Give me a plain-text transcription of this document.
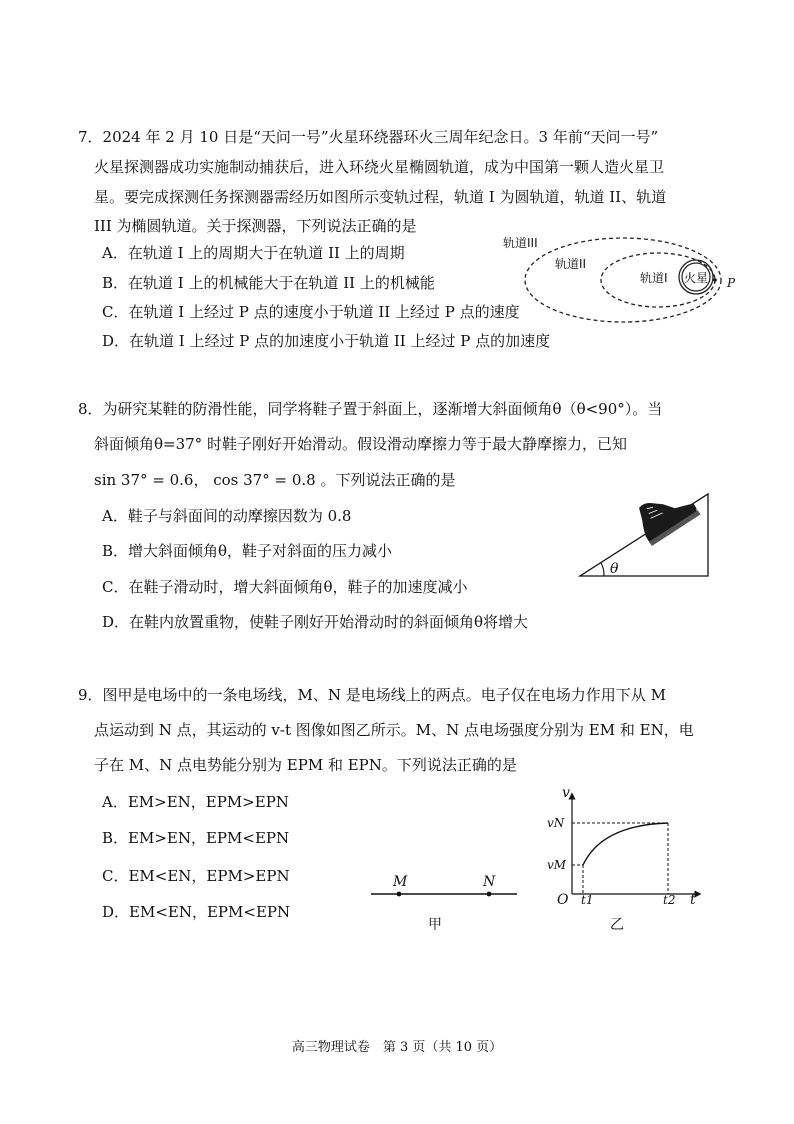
7．2024 年 2 月 10 日是“天问一号”火星环绕器环火三周年纪念日。3 年前“天问一号”
火星探测器成功实施制动捕获后，进入环绕火星椭圆轨道，成为中国第一颗人造火星卫
星。要完成探测任务探测器需经历如图所示变轨过程，轨道 I 为圆轨道，轨道 II、轨道
III 为椭圆轨道。关于探测器，下列说法正确的是
A．在轨道 I 上的周期大于在轨道 II 上的周期
B．在轨道 I 上的机械能大于在轨道 II 上的机械能
C．在轨道 I 上经过 P 点的速度小于轨道 II 上经过 P 点的速度
D．在轨道 I 上经过 P 点的加速度小于轨道 II 上经过 P 点的加速度
轨道III
轨道II
轨道I 火星 P
8．为研究某鞋的防滑性能，同学将鞋子置于斜面上，逐渐增大斜面倾角θ（θ<90°）。当
斜面倾角θ=37° 时鞋子刚好开始滑动。假设滑动摩擦力等于最大静摩擦力，已知
sin 37° = 0.6， cos 37° = 0.8 。下列说法正确的是
A．鞋子与斜面间的动摩擦因数为 0.8
B．增大斜面倾角θ，鞋子对斜面的压力减小
C．在鞋子滑动时，增大斜面倾角θ，鞋子的加速度减小
D．在鞋内放置重物，使鞋子刚好开始滑动时的斜面倾角θ将增大
θ
9．图甲是电场中的一条电场线，M、N 是电场线上的两点。电子仅在电场力作用下从 M
点运动到 N 点，其运动的 v-t 图像如图乙所示。M、N 点电场强度分别为 EM 和 EN，电
子在 M、N 点电势能分别为 EPM 和 EPN。下列说法正确的是
A．EM>EN，EPM>EPN
B．EM>EN，EPM<EPN
C．EM<EN，EPM>EPN
D．EM<EN，EPM<EPN
M	N
甲
v
t
O
vN
vM
t1	t2
乙
高三物理试卷　第 3 页（共 10 页）
